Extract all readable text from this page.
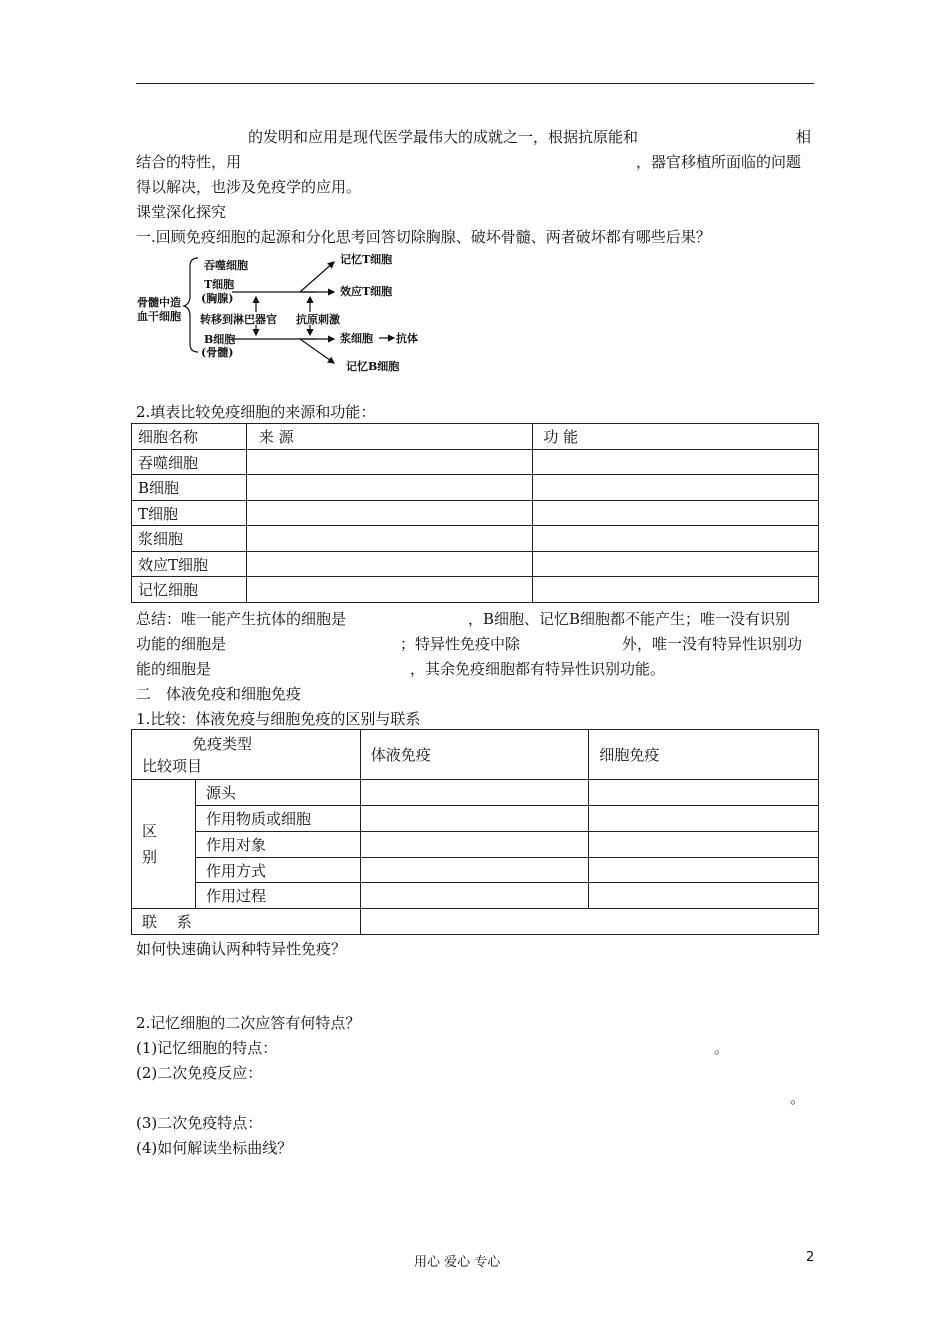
的发明和应用是现代医学最伟大的成就之一，根据抗原能和	相
结合的特性，用	，器官移植所面临的问题
得以解决，也涉及免疫学的应用。
课堂深化探究
一.回顾免疫细胞的起源和分化思考回答切除胸腺、破坏骨髓、两者破坏都有哪些后果？
骨髓中造
血干细胞
吞噬细胞
T细胞
(胸腺)
转移到淋巴器官 抗原刺激
B细胞
(骨髓)
记忆T细胞
效应T细胞
浆细胞 抗体
记忆B细胞
2.填表比较免疫细胞的来源和功能：
细胞名称	来 源	功 能
吞噬细胞		
B细胞		
T细胞		
浆细胞		
效应T细胞		
记忆细胞		
总结：唯一能产生抗体的细胞是	，B细胞、记忆B细胞都不能产生；唯一没有识别
功能的细胞是	；特异性免疫中除	外，唯一没有特异性识别功
能的细胞是	，其余免疫细胞都有特异性识别功能。
二　体液免疫和细胞免疫
1.比较：体液免疫与细胞免疫的区别与联系
免疫类型
比较项目		体液免疫	细胞免疫

区
别	源头		
	作用物质或细胞		
	作用对象		
	作用方式		
	作用过程		
联　 系			
如何快速确认两种特异性免疫？
2.记忆细胞的二次应答有何特点？
(1)记忆细胞的特点：	。
(2)二次免疫反应：
。
(3)二次免疫特点：
(4)如何解读坐标曲线？
用心 爱心 专心	2
